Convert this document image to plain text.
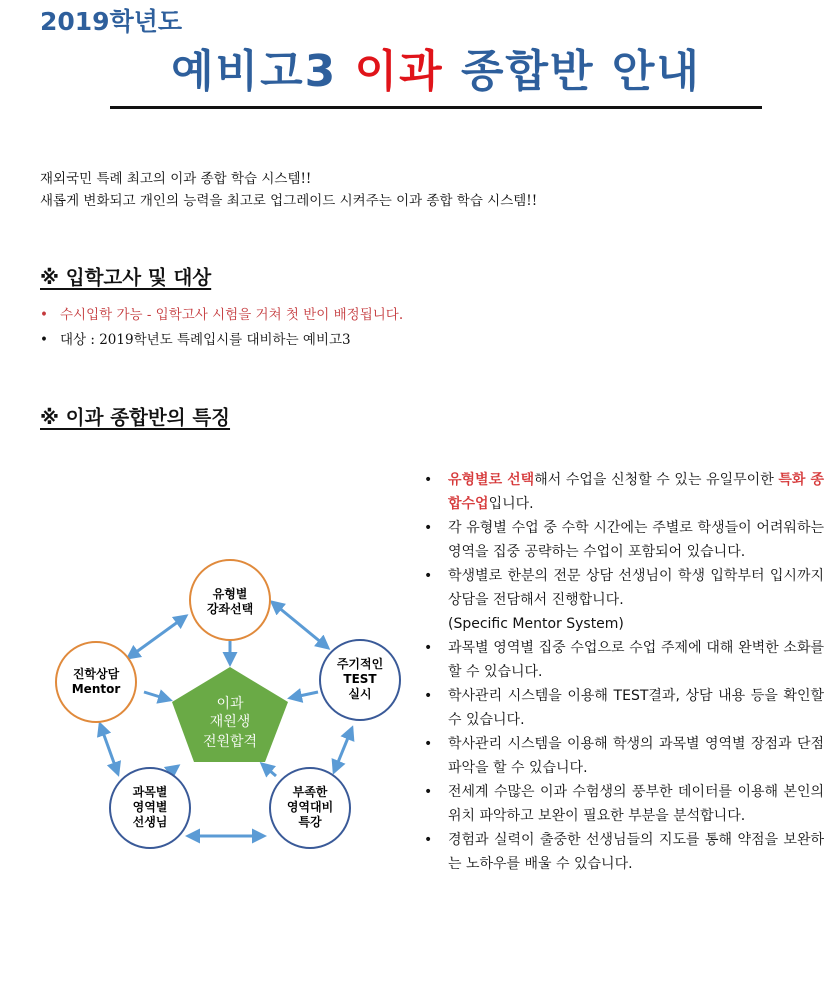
2019학년도
예비고3 이과 종합반 안내
재외국민 특례 최고의 이과 종합 학습 시스템!!
새롭게 변화되고 개인의 능력을 최고로 업그레이드 시켜주는 이과 종합 학습 시스템!!
※ 입학고사 및 대상
• 수시입학 가능 - 입학고사 시험을 거쳐 첫 반이 배정됩니다.
• 대상 : 2019학년도 특례입시를 대비하는 예비고3
※ 이과 종합반의 특징
이과
재원생
전원합격
유형별
강좌선택
주기적인
TEST
실시
부족한
영역대비
특강
과목별
영역별
선생님
진학상담
Mentor
• 유형별로 선택해서 수업을 신청할 수 있는 유일무이한 특화 종합수업입니다.
• 각 유형별 수업 중 수학 시간에는 주별로 학생들이 어려워하는 영역을 집중 공략하는 수업이 포함되어 있습니다.
• 학생별로 한분의 전문 상담 선생님이 학생 입학부터 입시까지 상담을 전담해서 진행합니다.
(Specific Mentor System)
• 과목별 영역별 집중 수업으로 수업 주제에 대해 완벽한 소화를 할 수 있습니다.
• 학사관리 시스템을 이용해 TEST결과, 상담 내용 등을 확인할 수 있습니다.
• 학사관리 시스템을 이용해 학생의 과목별 영역별 장점과 단점 파악을 할 수 있습니다.
• 전세계 수많은 이과 수험생의 풍부한 데이터를 이용해 본인의 위치 파악하고 보완이 필요한 부분을 분석합니다.
• 경험과 실력이 출중한 선생님들의 지도를 통해 약점을 보완하는 노하우를 배울 수 있습니다.
